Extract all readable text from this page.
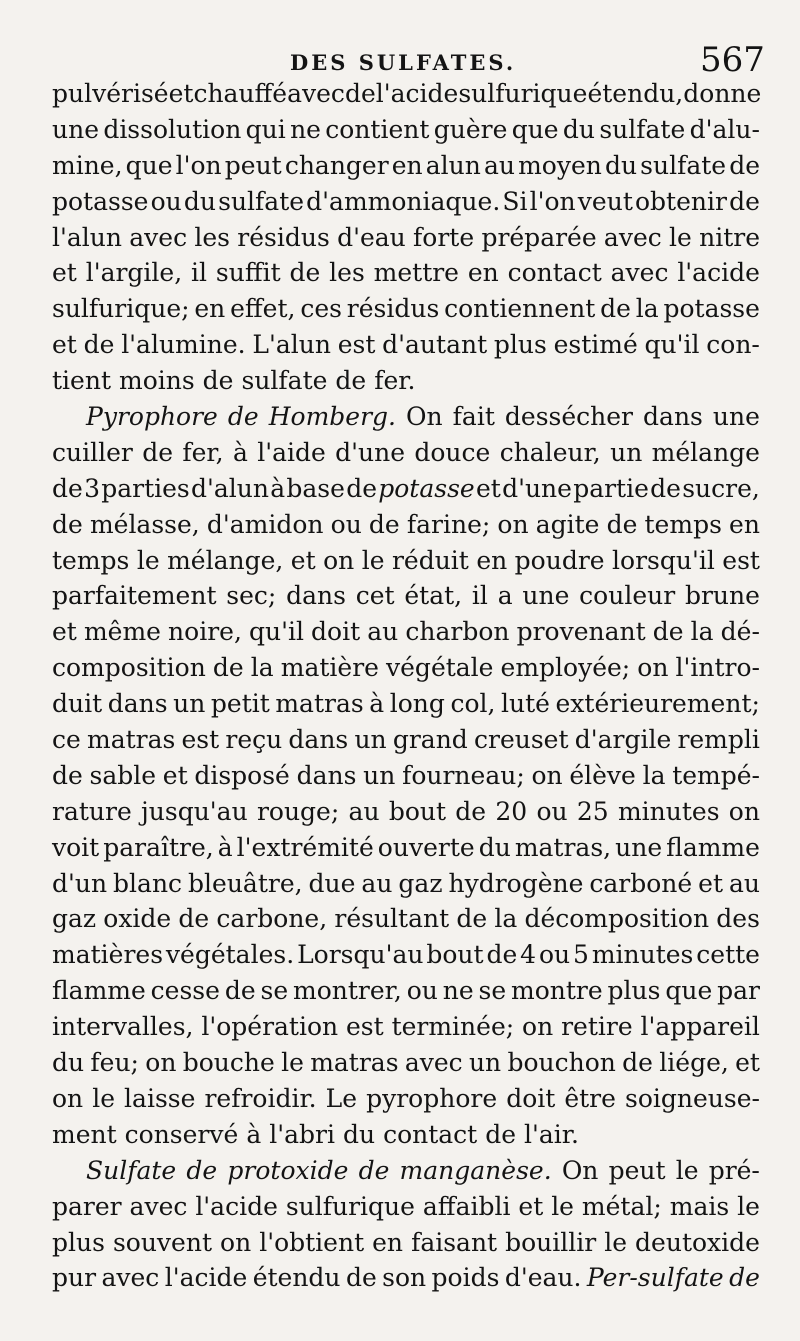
DES SULFATES.	567
pulvérisé et chauffé avec de l'acide sulfurique étendu, donne
une dissolution qui ne contient guère que du sulfate d'alu-
mine, que l'on peut changer en alun au moyen du sulfate de
potasse ou du sulfate d'ammoniaque. Si l'on veut obtenir de
l'alun avec les résidus d'eau forte préparée avec le nitre
et l'argile, il suffit de les mettre en contact avec l'acide
sulfurique; en effet, ces résidus contiennent de la potasse
et de l'alumine. L'alun est d'autant plus estimé qu'il con-
tient moins de sulfate de fer.
Pyrophore de Homberg. On fait dessécher dans une
cuiller de fer, à l'aide d'une douce chaleur, un mélange
de 3 parties d'alun à base de potasse et d'une partie de sucre,
de mélasse, d'amidon ou de farine; on agite de temps en
temps le mélange, et on le réduit en poudre lorsqu'il est
parfaitement sec; dans cet état, il a une couleur brune
et même noire, qu'il doit au charbon provenant de la dé-
composition de la matière végétale employée; on l'intro-
duit dans un petit matras à long col, luté extérieurement;
ce matras est reçu dans un grand creuset d'argile rempli
de sable et disposé dans un fourneau; on élève la tempé-
rature jusqu'au rouge; au bout de 20 ou 25 minutes on
voit paraître, à l'extrémité ouverte du matras, une flamme
d'un blanc bleuâtre, due au gaz hydrogène carboné et au
gaz oxide de carbone, résultant de la décomposition des
matières végétales. Lorsqu'au bout de 4 ou 5 minutes cette
flamme cesse de se montrer, ou ne se montre plus que par
intervalles, l'opération est terminée; on retire l'appareil
du feu; on bouche le matras avec un bouchon de liége, et
on le laisse refroidir. Le pyrophore doit être soigneuse-
ment conservé à l'abri du contact de l'air.
Sulfate de protoxide de manganèse. On peut le pré-
parer avec l'acide sulfurique affaibli et le métal; mais le
plus souvent on l'obtient en faisant bouillir le deutoxide
pur avec l'acide étendu de son poids d'eau. Per-sulfate de
